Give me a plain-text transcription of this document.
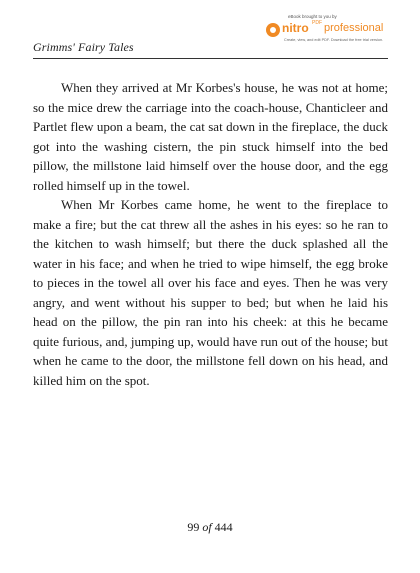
Grimms' Fairy Tales
eBook brought to you by
nitro PDF professional
Create, view, and edit PDF. Download the free trial version.

When they arrived at Mr Korbes's house, he was not at home; so the mice drew the carriage into the coach-house, Chanticleer and Partlet flew upon a beam, the cat sat down in the fireplace, the duck got into the washing cistern, the pin stuck himself into the bed pillow, the millstone laid himself over the house door, and the egg rolled himself up in the towel.

When Mr Korbes came home, he went to the fireplace to make a fire; but the cat threw all the ashes in his eyes: so he ran to the kitchen to wash himself; but there the duck splashed all the water in his face; and when he tried to wipe himself, the egg broke to pieces in the towel all over his face and eyes. Then he was very angry, and went without his supper to bed; but when he laid his head on the pillow, the pin ran into his cheek: at this he became quite furious, and, jumping up, would have run out of the house; but when he came to the door, the millstone fell down on his head, and killed him on the spot.

99 of 444
